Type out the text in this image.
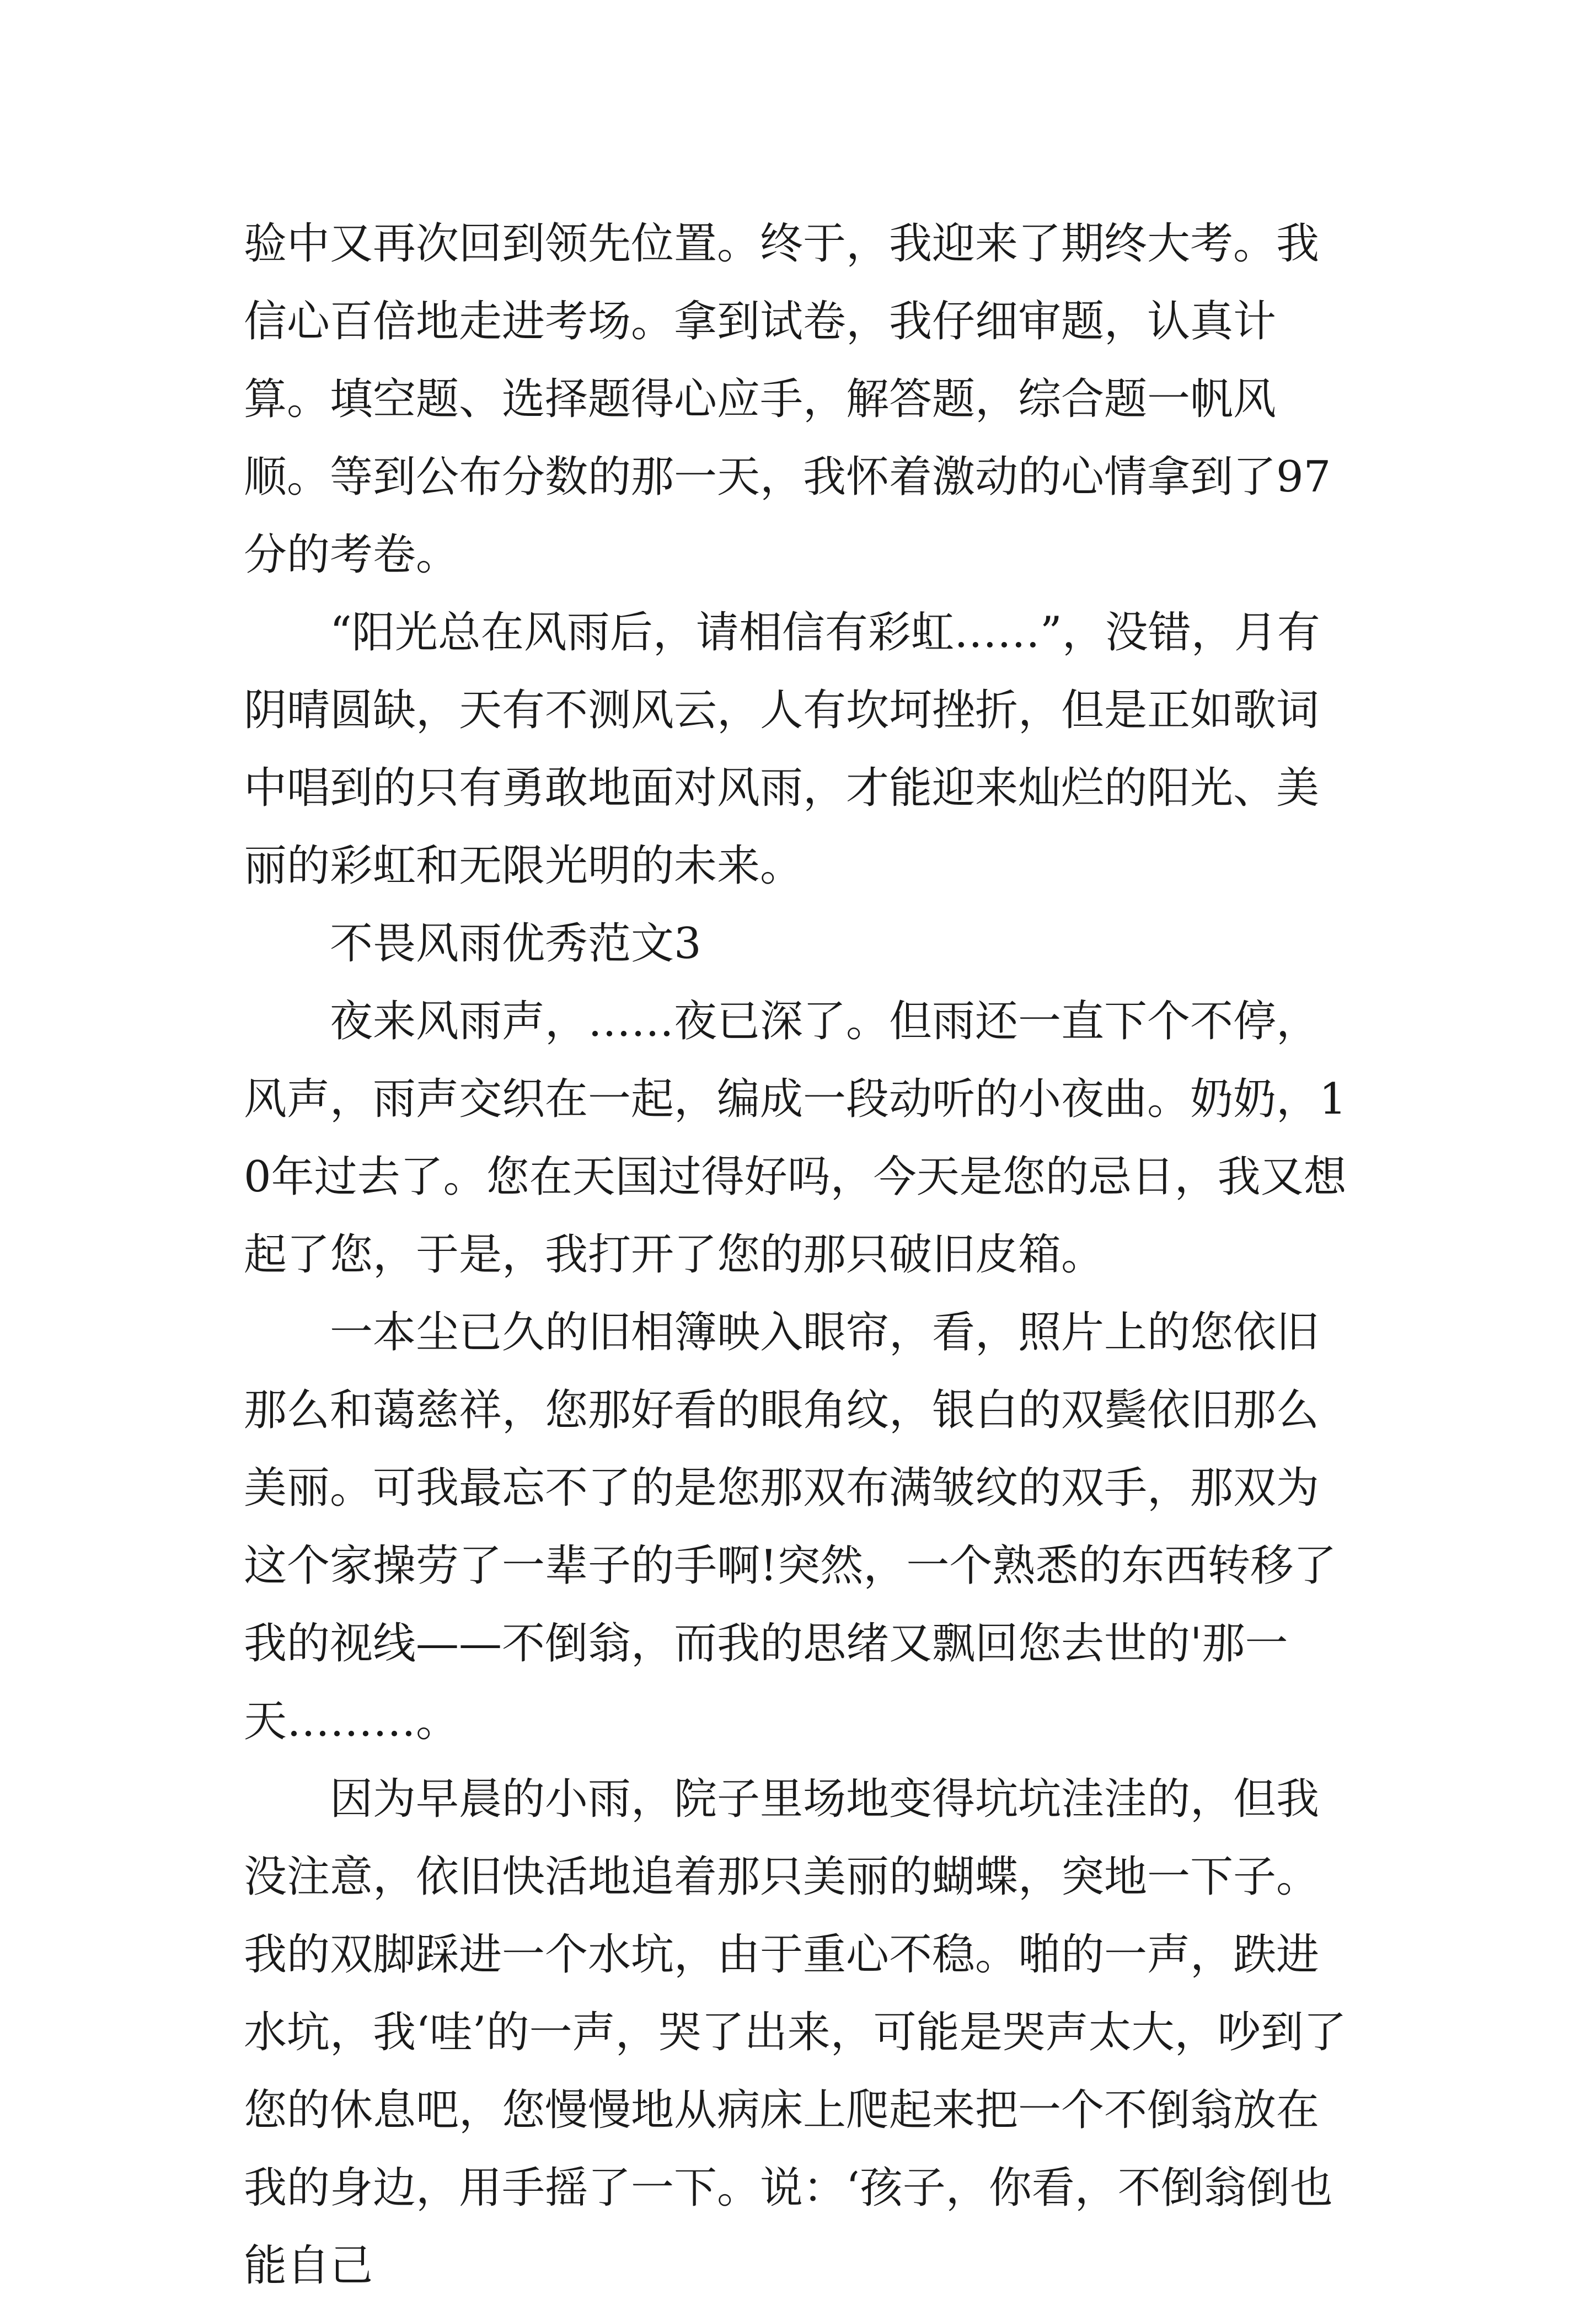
验中又再次回到领先位置。终于，我迎来了期终大考。我信心百倍地走进考场。拿到试卷，我仔细审题，认真计算。填空题、选择题得心应手，解答题，综合题一帆风顺。等到公布分数的那一天，我怀着激动的心情拿到了97分的考卷。

“阳光总在风雨后，请相信有彩虹……”，没错，月有阴晴圆缺，天有不测风云，人有坎坷挫折，但是正如歌词中唱到的只有勇敢地面对风雨，才能迎来灿烂的阳光、美丽的彩虹和无限光明的未来。

不畏风雨优秀范文3

夜来风雨声，……夜已深了。但雨还一直下个不停，风声，雨声交织在一起，编成一段动听的小夜曲。奶奶，10年过去了。您在天国过得好吗，今天是您的忌日，我又想起了您，于是，我打开了您的那只破旧皮箱。

一本尘已久的旧相簿映入眼帘，看，照片上的您依旧那么和蔼慈祥，您那好看的眼角纹，银白的双鬓依旧那么美丽。可我最忘不了的是您那双布满皱纹的双手，那双为这个家操劳了一辈子的手啊!突然，一个熟悉的东西转移了我的视线——不倒翁，而我的思绪又飘回您去世的'那一天………。

因为早晨的小雨，院子里场地变得坑坑洼洼的，但我没注意，依旧快活地追着那只美丽的蝴蝶，突地一下子。我的双脚踩进一个水坑，由于重心不稳。啪的一声，跌进水坑，我‘哇’的一声，哭了出来，可能是哭声太大，吵到了您的休息吧，您慢慢地从病床上爬起来把一个不倒翁放在我的身边，用手摇了一下。说：‘孩子，你看，不倒翁倒也能自己
